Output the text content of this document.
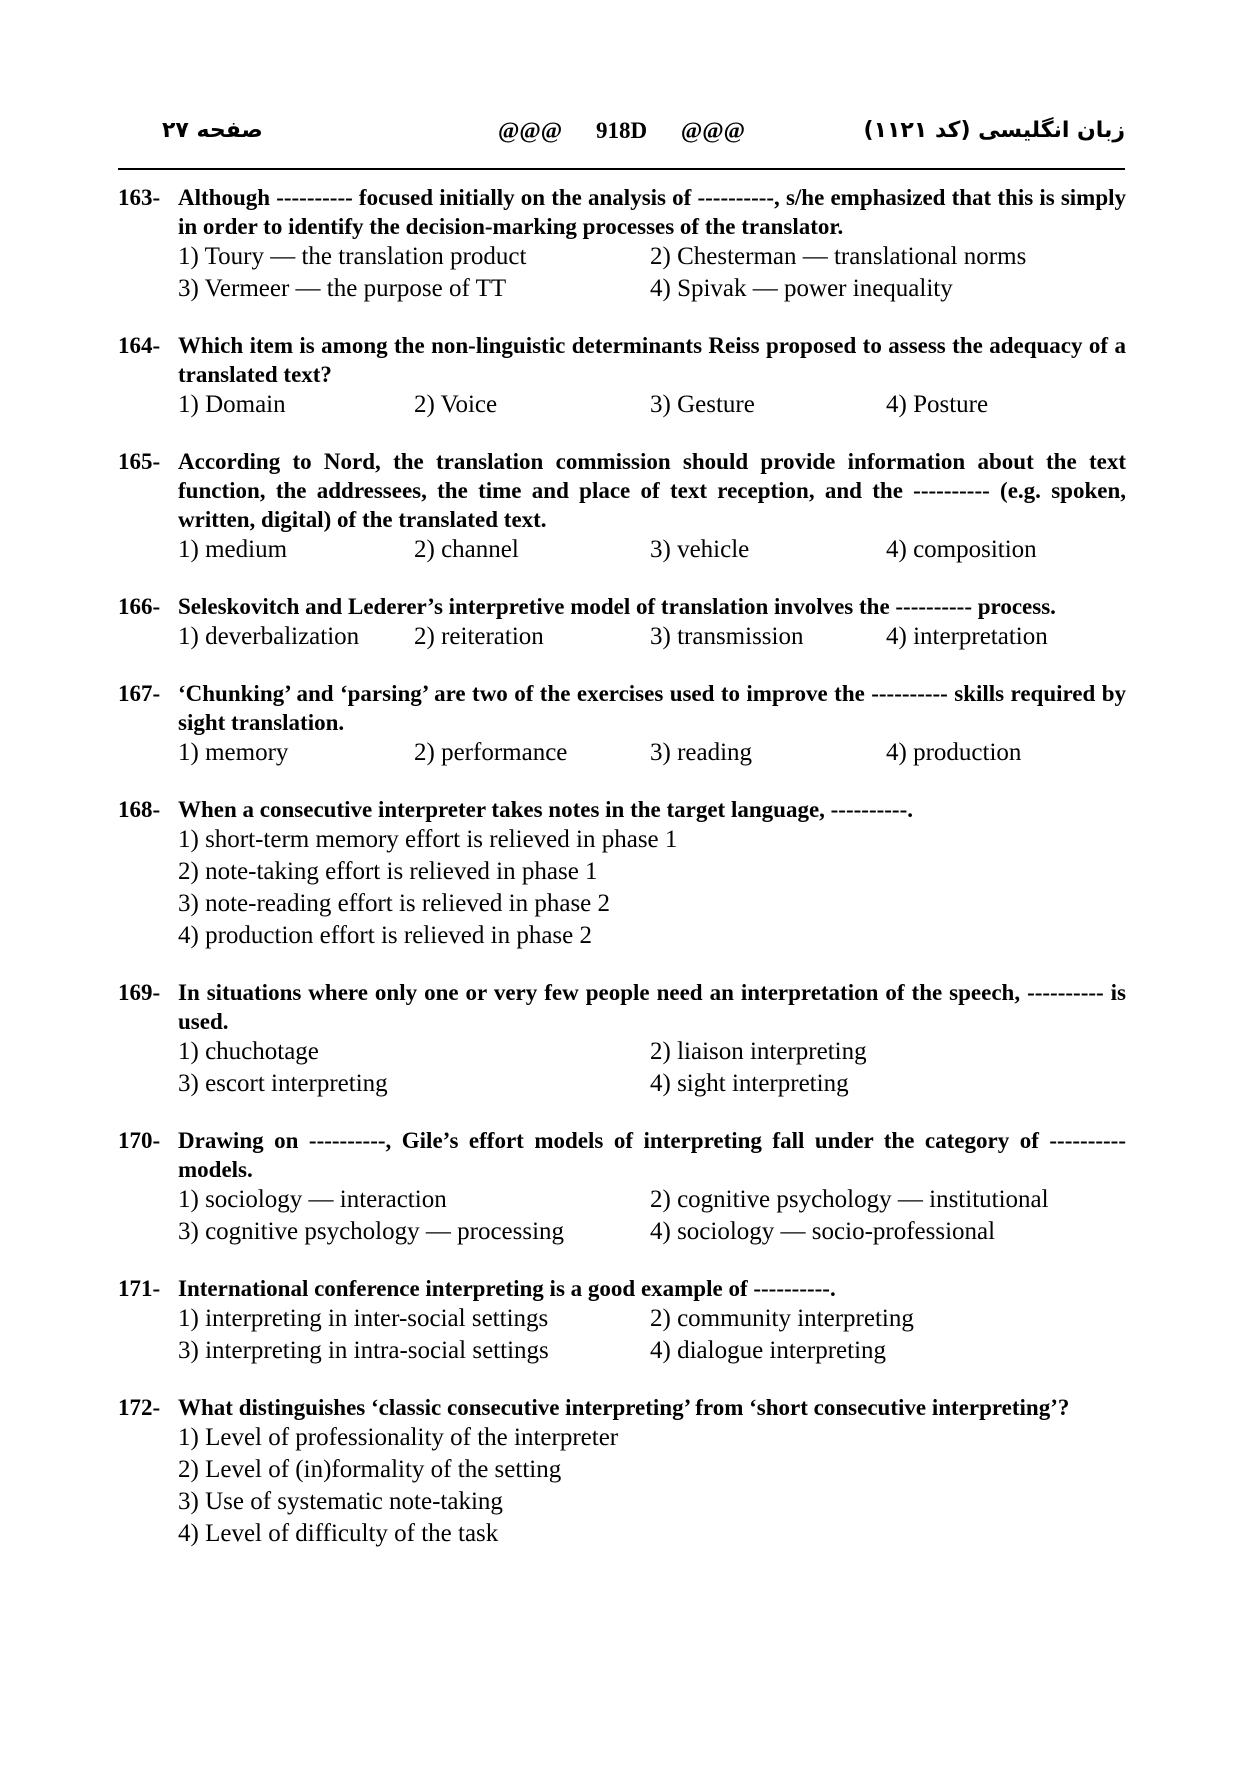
زبان انگلیسی (کد ۱۱۲۱)
@@@ 918D @@@
صفحه ۲۷
163- Although ---------- focused initially on the analysis of ----------, s/he emphasized that this is simply in order to identify the decision-marking processes of the translator.
1) Toury — the translation product	2) Chesterman — translational norms
3) Vermeer — the purpose of TT	4) Spivak — power inequality
164- Which item is among the non-linguistic determinants Reiss proposed to assess the adequacy of a translated text?
1) Domain	2) Voice	3) Gesture	4) Posture
165- According to Nord, the translation commission should provide information about the text function, the addressees, the time and place of text reception, and the ---------- (e.g. spoken, written, digital) of the translated text.
1) medium	2) channel	3) vehicle	4) composition
166- Seleskovitch and Lederer’s interpretive model of translation involves the ---------- process.
1) deverbalization	2) reiteration	3) transmission	4) interpretation
167- ‘Chunking’ and ‘parsing’ are two of the exercises used to improve the ---------- skills required by sight translation.
1) memory	2) performance	3) reading	4) production
168- When a consecutive interpreter takes notes in the target language, ----------.
1) short-term memory effort is relieved in phase 1
2) note-taking effort is relieved in phase 1
3) note-reading effort is relieved in phase 2
4) production effort is relieved in phase 2
169- In situations where only one or very few people need an interpretation of the speech, ---------- is used.
1) chuchotage	2) liaison interpreting
3) escort interpreting	4) sight interpreting
170- Drawing on ----------, Gile’s effort models of interpreting fall under the category of ---------- models.
1) sociology — interaction	2) cognitive psychology — institutional
3) cognitive psychology — processing	4) sociology — socio-professional
171- International conference interpreting is a good example of ----------.
1) interpreting in inter-social settings	2) community interpreting
3) interpreting in intra-social settings	4) dialogue interpreting
172- What distinguishes ‘classic consecutive interpreting’ from ‘short consecutive interpreting’?
1) Level of professionality of the interpreter
2) Level of (in)formality of the setting
3) Use of systematic note-taking
4) Level of difficulty of the task
